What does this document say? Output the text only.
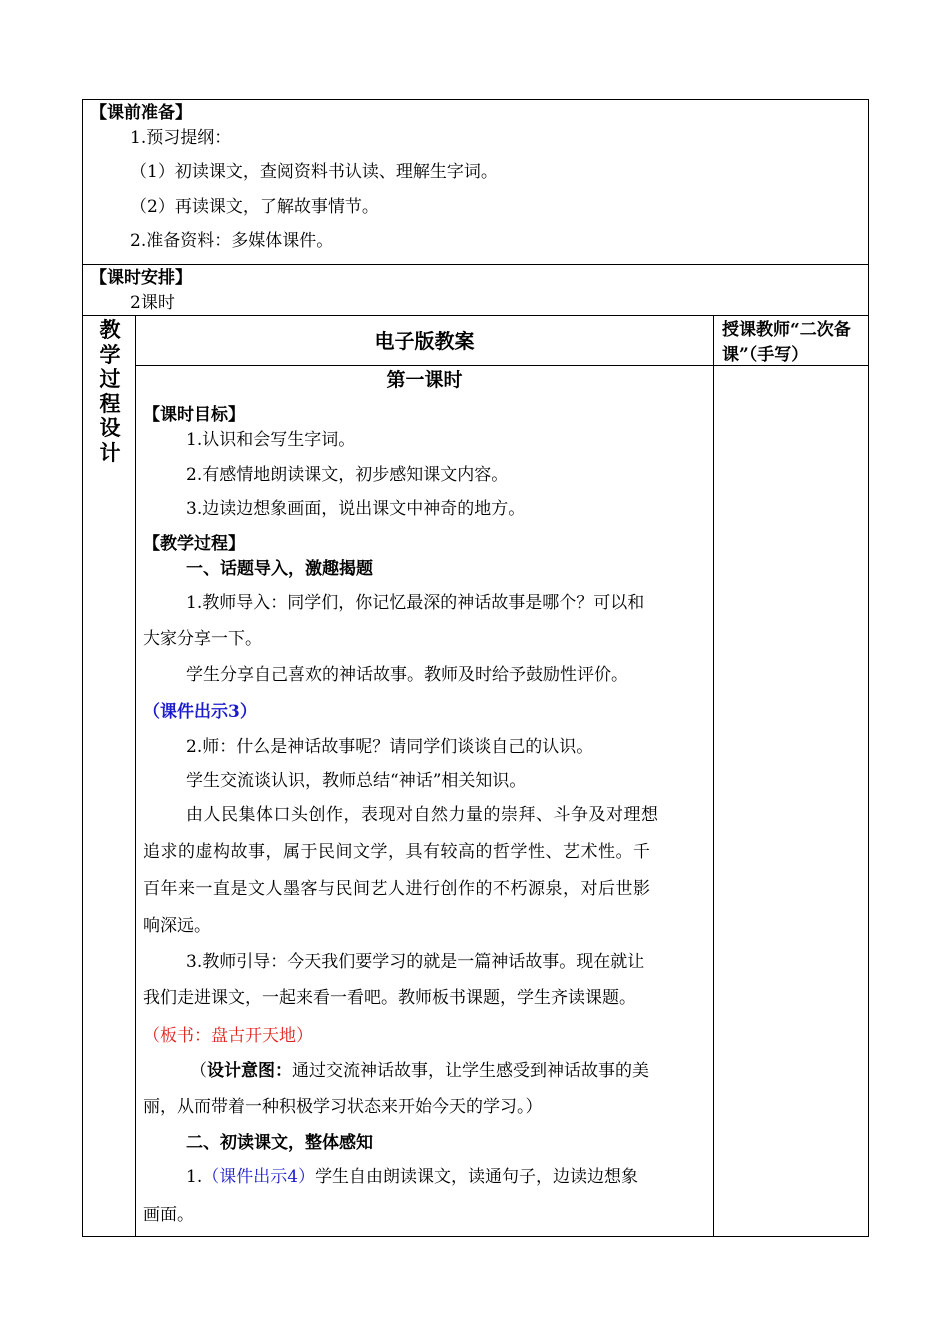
【课前准备】
1.预习提纲：
（1）初读课文，查阅资料书认读、理解生字词。
（2）再读课文，了解故事情节。
2.准备资料：多媒体课件。
【课时安排】
2课时
教
学
过
程
设
计
电子版教案	授课教师“二次备课”（手写）
第一课时
【课时目标】
1.认识和会写生字词。
2.有感情地朗读课文，初步感知课文内容。
3.边读边想象画面，说出课文中神奇的地方。
【教学过程】
一、话题导入，激趣揭题
1.教师导入：同学们，你记忆最深的神话故事是哪个？可以和
大家分享一下。
学生分享自己喜欢的神话故事。教师及时给予鼓励性评价。
（课件出示3）
2.师：什么是神话故事呢？请同学们谈谈自己的认识。
学生交流谈认识，教师总结“神话”相关知识。
由人民集体口头创作，表现对自然力量的崇拜、斗争及对理想
追求的虚构故事，属于民间文学，具有较高的哲学性、艺术性。千
百年来一直是文人墨客与民间艺人进行创作的不朽源泉，对后世影
响深远。
3.教师引导：今天我们要学习的就是一篇神话故事。现在就让
我们走进课文，一起来看一看吧。教师板书课题，学生齐读课题。
（板书：盘古开天地）
（设计意图：通过交流神话故事，让学生感受到神话故事的美
丽，从而带着一种积极学习状态来开始今天的学习。）
二、初读课文，整体感知
1.（课件出示4）学生自由朗读课文，读通句子，边读边想象
画面。
